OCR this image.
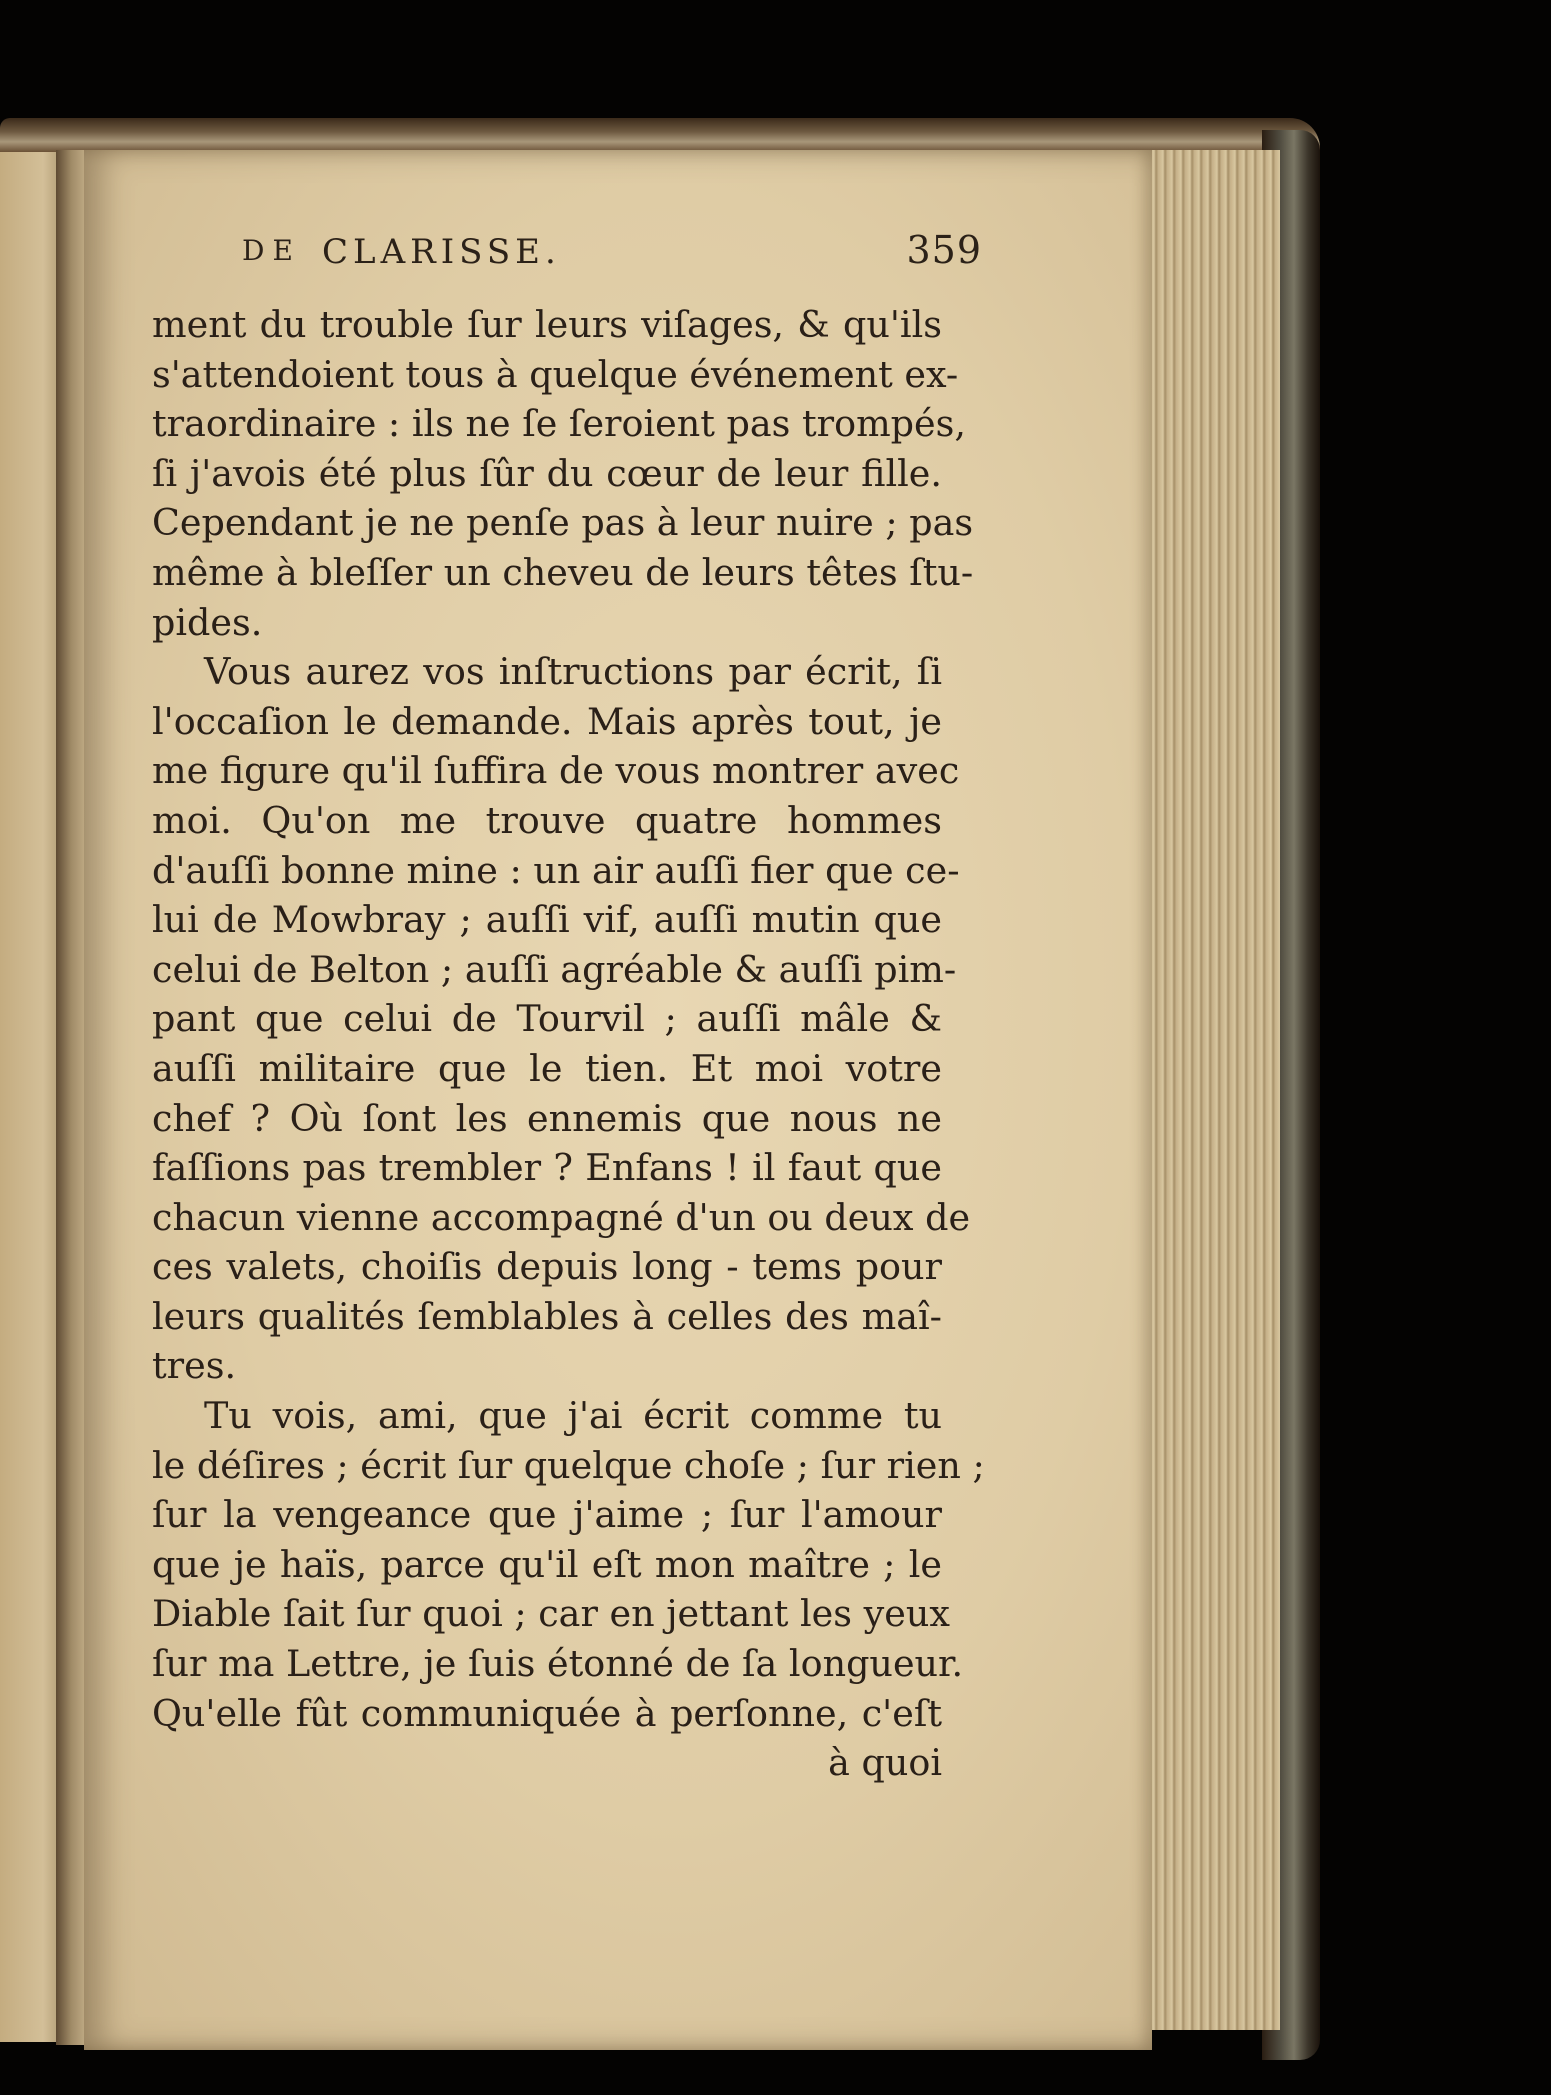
DE CLARISSE.	359
ment du trouble ſur leurs viſages, & qu'ils
s'attendoient tous à quelque événement ex-
traordinaire : ils ne ſe ſeroient pas trompés,
ſi j'avois été plus ſûr du cœur de leur fille.
Cependant je ne penſe pas à leur nuire ; pas
même à bleſſer un cheveu de leurs têtes ſtu-
pides.
Vous aurez vos inſtructions par écrit, ſi
l'occaſion le demande. Mais après tout, je
me figure qu'il ſuffira de vous montrer avec
moi. Qu'on me trouve quatre hommes
d'auſſi bonne mine : un air auſſi fier que ce-
lui de Mowbray ; auſſi vif, auſſi mutin que
celui de Belton ; auſſi agréable & auſſi pim-
pant que celui de Tourvil ; auſſi mâle &
auſſi militaire que le tien. Et moi votre
chef ? Où ſont les ennemis que nous ne
faſſions pas trembler ? Enfans ! il faut que
chacun vienne accompagné d'un ou deux de
ces valets, choiſis depuis long - tems pour
leurs qualités ſemblables à celles des maî-
tres.
Tu vois, ami, que j'ai écrit comme tu
le déſires ; écrit ſur quelque choſe ; ſur rien ;
ſur la vengeance que j'aime ; ſur l'amour
que je haïs, parce qu'il eſt mon maître ; le
Diable ſait ſur quoi ; car en jettant les yeux
ſur ma Lettre, je ſuis étonné de ſa longueur.
Qu'elle fût communiquée à perſonne, c'eſt
à quoi
